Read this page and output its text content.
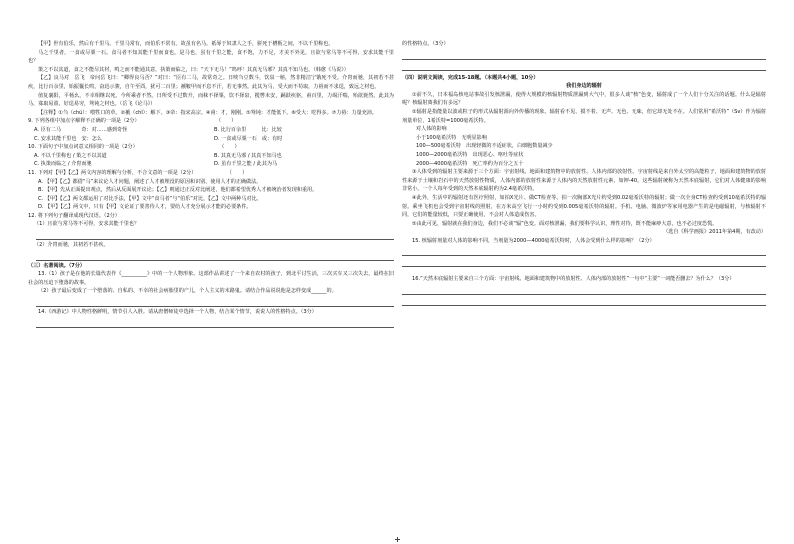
【甲】世有伯乐，然后有千里马。千里马常有，而伯乐不常有。故虽有名马，祇辱于奴隶人之手，骈死于槽枥之间，不以千里称也。

马之千里者，一食或尽粟一石。食马者不知其能千里而食也。是马也，虽有千里之能，食不饱，力不足，才美不外见，且欲与常马等不可得，安求其能千里也？

策之不以其道，食之不能尽其材，鸣之而不能通其意，执策而临之，曰：“天下无马！”呜呼！其真无马邪？其真不知马也。（韩愈《马说》）

【乙】良马对　岳飞　帝问岳飞曰：“卿得良马否？”对曰：“臣有二马，故常奇之。日啖刍豆数斗，饮泉一斛，然非精洁宁饿死不受。介胄而驰，其初若不甚疾，比行百余里，始振鬣长鸣，奋迅示骏，自午至酉，犹可二百里；褫鞍甲而不息不汗，若无事然。此其为马，受大而不苟取，力裕而不求逞，致远之材也。

值复襄阳，平杨幺，不幸相继以死。今所乘者不然。日所受不过数升，而秣不择粟，饮不择泉，揽辔未安，踊跃疾驱，甫百里，力竭汗喘，殆欲毙然。此其为马，寡取易盈，好逞易穷，驽钝之材也。（岳飞《论马》）

【注释】①刍（chú）：喂牲口的草。②褫（chǐ）：解下。③帝：指宋高宗。④甫：才，刚刚。⑤驽钝：才能低下。⑥受大：吃得多。⑦力裕：力量充沛。

9. 下列各组中加点字解释不正确的一项是（2分）　　　　　　　　　　　　　　　　（　　）

A. 臣有二马　　　　奇：对……感到奇怪	B. 比行百余里　　　比：比较
C. 安求其能千里也　安：怎么	D. 一食或尽粟一石　或：有时

10. 下面句子中加点词意义相同的一项是（2分）　　　　　　　　　　　　　　　　　（　　）

A. 不以千里称也 / 策之不以其道	B. 其真无马邪 / 其真不知马也
C. 执策而临之 / 介胄而驰	D. 虽有千里之能 / 此其为马

11. 下列对【甲】【乙】两文内容的理解与分析，不合文意的一项是（2分）　　　　　　　（　　）

A. 【甲】【乙】都借“马”来议论人才问题，阐述了人才被埋没的原因和识别、使用人才的正确做法。

B. 【甲】先从正面提出观点，然后从反面展开议论；【乙】则通过正反对比阐述，他们都希望优秀人才被统治者发现和重用。

C. 【甲】【乙】两文都运用了对比手法，【甲】文中“食马者”与“伯乐”对比，【乙】文中两种马对比。

D. 【甲】【乙】两文中，只有【甲】文论证了要善待人才，要给人才充分展示才能的必要条件。

12. 将下列句子翻译成现代汉语。（2分）

（1）且欲与常马等不可得，安求其能千里也？

（2）介胄而驰，其初若不甚疾。

（三）名著阅读。（7分）

13.（1）孩子是在他的长篇代表作《__________》中的一个人物形象。这部作品讲述了一个来自农村的孩子，到北平讨生活，三次买车又三次失去，最终在旧社会的压迫下堕落的故事。

（2）孩子最后变成了一个堕落的、自私的、不幸的社会病胎里的产儿，个人主义的末路鬼。请结合作品说说他是怎样变成______的。

14.《西游记》中人物性格鲜明，情节引人入胜。请从唐僧师徒中选择一个人物，结合某个情节，说说人的性格特点。（3分）

的性格特点。（3分）

（四）说明文阅读，完成15-18题。（本题共4小题，10分）

我们身边的辐射

①前不久，日本福岛核电站事故引发核泄漏，使得大规模的核辐射物质泄漏到大气中，很多人谈“核”色变，辐射成了一个人们十分关注的话题。什么是辐射呢？核辐射离我们有多远？

②辐射是指能量以波或粒子的形式从辐射源向外传播的现象。辐射看不见、摸不着、无声、无色、无味，但它却无处不在。人们常用“希沃特”（Sv）作为辐射剂量单位，1希沃特=1000毫希沃特。

对人体的影响

小于100毫希沃特　无明显影响

100—500毫希沃特　出现轻微的不适症状，白细胞数量减少

1000—2000毫希沃特　出现恶心、呕吐等症状

2000—4000毫希沃特　死亡率约为百分之五十

③人体受到的辐射主要来源于三个方面：宇宙射线、地面和建筑物中的放射性、人体内部的放射性。宇宙射线是来自外太空的高能粒子，地面和建筑物的放射性来源于土壤和岩石中的天然放射性物质，人体内部的放射性来源于人体内的天然放射性元素，如钾-40。这些辐射统称为天然本底辐射，它们对人体健康的影响非常小。一个人每年受到的天然本底辐射约为2.4毫希沃特。

④此外，生活中的辐射还有医疗照射，如拍X光片、做CT检查等。拍一次胸部X光片约受到0.02毫希沃特的辐射；做一次全身CT检查约受到10毫希沃特的辐射。乘坐飞机也会受到宇宙射线的照射，在万米高空飞行一小时约受到0.005毫希沃特的辐射。手机、电脑、微波炉等家用电器产生的是电磁辐射，与核辐射不同，它们的能量较低，只要正确使用，不会对人体造成伤害。

⑤由此可见，辐射就在我们身边，我们不必谈“辐”色变。面对核泄漏，我们要科学认识，理性对待，既不能麻痹大意，也不必过度恐慌。

（选自《科学画报》2011年第4期，有改动）

15. 核辐射剂量对人体的影响不同，当剂量为2000—4000毫希沃特时，人体会受到什么样的影响？（2分）

16.“天然本底辐射主要来自三个方面：宇宙射线、地面和建筑物中的放射性、人体内部的放射性”一句中“主要”一词能否删去？为什么？（3分）
